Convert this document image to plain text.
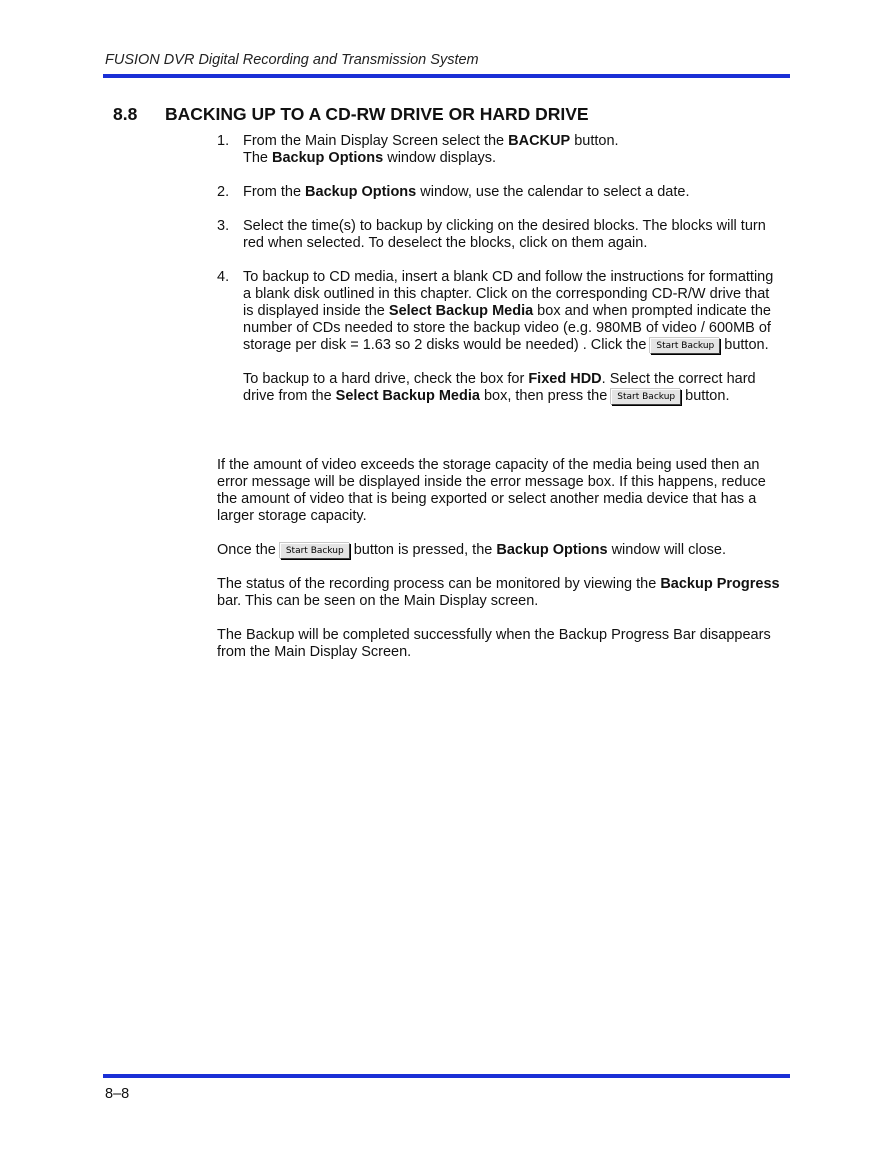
FUSION DVR Digital Recording and Transmission System
8.8 BACKING UP TO A CD-RW DRIVE OR HARD DRIVE
1. From the Main Display Screen select the BACKUP button.
The Backup Options window displays.

2. From the Backup Options window, use the calendar to select a date.

3. Select the time(s) to backup by clicking on the desired blocks. The blocks will turn red when selected. To deselect the blocks, click on them again.

4. To backup to CD media, insert a blank CD and follow the instructions for formatting a blank disk outlined in this chapter. Click on the corresponding CD-R/W drive that is displayed inside the Select Backup Media box and when prompted indicate the number of CDs needed to store the backup video (e.g. 980MB of video / 600MB of storage per disk = 1.63 so 2 disks would be needed) . Click the Start Backup button.

To backup to a hard drive, check the box for Fixed HDD. Select the correct hard drive from the Select Backup Media box, then press the Start Backup button.

If the amount of video exceeds the storage capacity of the media being used then an error message will be displayed inside the error message box. If this happens, reduce the amount of video that is being exported or select another media device that has a larger storage capacity.

Once the Start Backup button is pressed, the Backup Options window will close.

The status of the recording process can be monitored by viewing the Backup Progress bar. This can be seen on the Main Display screen.

The Backup will be completed successfully when the Backup Progress Bar disappears from the Main Display Screen.

8–8
